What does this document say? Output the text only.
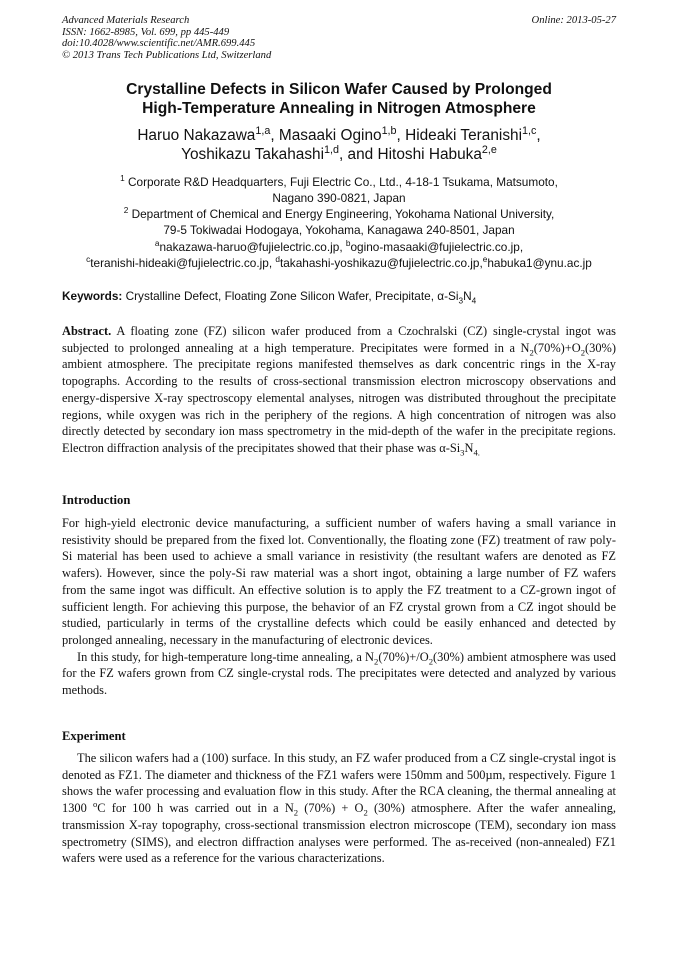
Advanced Materials Research
ISSN: 1662-8985, Vol. 699, pp 445-449
doi:10.4028/www.scientific.net/AMR.699.445
© 2013 Trans Tech Publications Ltd, Switzerland
Online: 2013-05-27
Crystalline Defects in Silicon Wafer Caused by Prolonged
High-Temperature Annealing in Nitrogen Atmosphere
Haruo Nakazawa$^{1,a}$, Masaaki Ogino$^{1,b}$, Hideaki Teranishi$^{1,c}$,
Yoshikazu Takahashi$^{1,d}$, and Hitoshi Habuka$^{2,e}$
$^1$ Corporate R&D Headquarters, Fuji Electric Co., Ltd., 4-18-1 Tsukama, Matsumoto,
Nagano 390-0821, Japan
$^2$ Department of Chemical and Energy Engineering, Yokohama National University,
79-5 Tokiwadai Hodogaya, Yokohama, Kanagawa 240-8501, Japan
$^a$nakazawa-haruo@fujielectric.co.jp, $^b$ogino-masaaki@fujielectric.co.jp,
$^c$teranishi-hideaki@fujielectric.co.jp, $^d$takahashi-yoshikazu@fujielectric.co.jp,$^e$habuka1@ynu.ac.jp
Keywords: Crystalline Defect, Floating Zone Silicon Wafer, Precipitate, $\alpha-Si_3N_4$

Abstract. A floating zone (FZ) silicon wafer produced from a Czochralski (CZ) single-crystal ingot was subjected to prolonged annealing at a high temperature. Precipitates were formed in a $N_2(70\%)+O_2(30\%)$ ambient atmosphere. The precipitate regions manifested themselves as dark concentric rings in the X-ray topographs. According to the results of cross-sectional transmission electron microscopy observations and energy-dispersive X-ray spectroscopy elemental analyses, nitrogen was distributed throughout the precipitate regions, while oxygen was rich in the periphery of the regions. A high concentration of nitrogen was also directly detected by secondary ion mass spectrometry in the mid-depth of the wafer in the precipitate regions. Electron diffraction analysis of the precipitates showed that their phase was $\alpha-Si_3N_{4.}$

Introduction

For high-yield electronic device manufacturing, a sufficient number of wafers having a small variance in resistivity should be prepared from the fixed lot. Conventionally, the floating zone (FZ) treatment of raw poly-Si material has been used to achieve a small variance in resistivity (the resultant wafers are denoted as FZ wafers). However, since the poly-Si raw material was a short ingot, obtaining a large number of FZ wafers from the same ingot was difficult. An effective solution is to apply the FZ treatment to a CZ-grown ingot of sufficient length. For achieving this purpose, the behavior of an FZ crystal grown from a CZ ingot should be studied, particularly in terms of the crystalline defects which could be easily enhanced and detected by prolonged annealing, necessary in the manufacturing of electronic devices.

In this study, for high-temperature long-time annealing, a $N_2(70\%)+/O_2(30\%)$ ambient atmosphere was used for the FZ wafers grown from CZ single-crystal rods. The precipitates were detected and analyzed by various methods.

Experiment

The silicon wafers had a (100) surface. In this study, an FZ wafer produced from a CZ single-crystal ingot is denoted as FZ1. The diameter and thickness of the FZ1 wafers were 150mm and 500µm, respectively. Figure 1 shows the wafer processing and evaluation flow in this study. After the RCA cleaning, the thermal annealing at 1300 $^o$C for 100 h was carried out in a $N_2$ $(70\%) + O_2$ (30%) atmosphere. After the wafer annealing, transmission X-ray topography, cross-sectional transmission electron microscope (TEM), secondary ion mass spectrometry (SIMS), and electron diffraction analyses were performed. The as-received (non-annealed) FZ1 wafers were used as a reference for the various characterizations.
